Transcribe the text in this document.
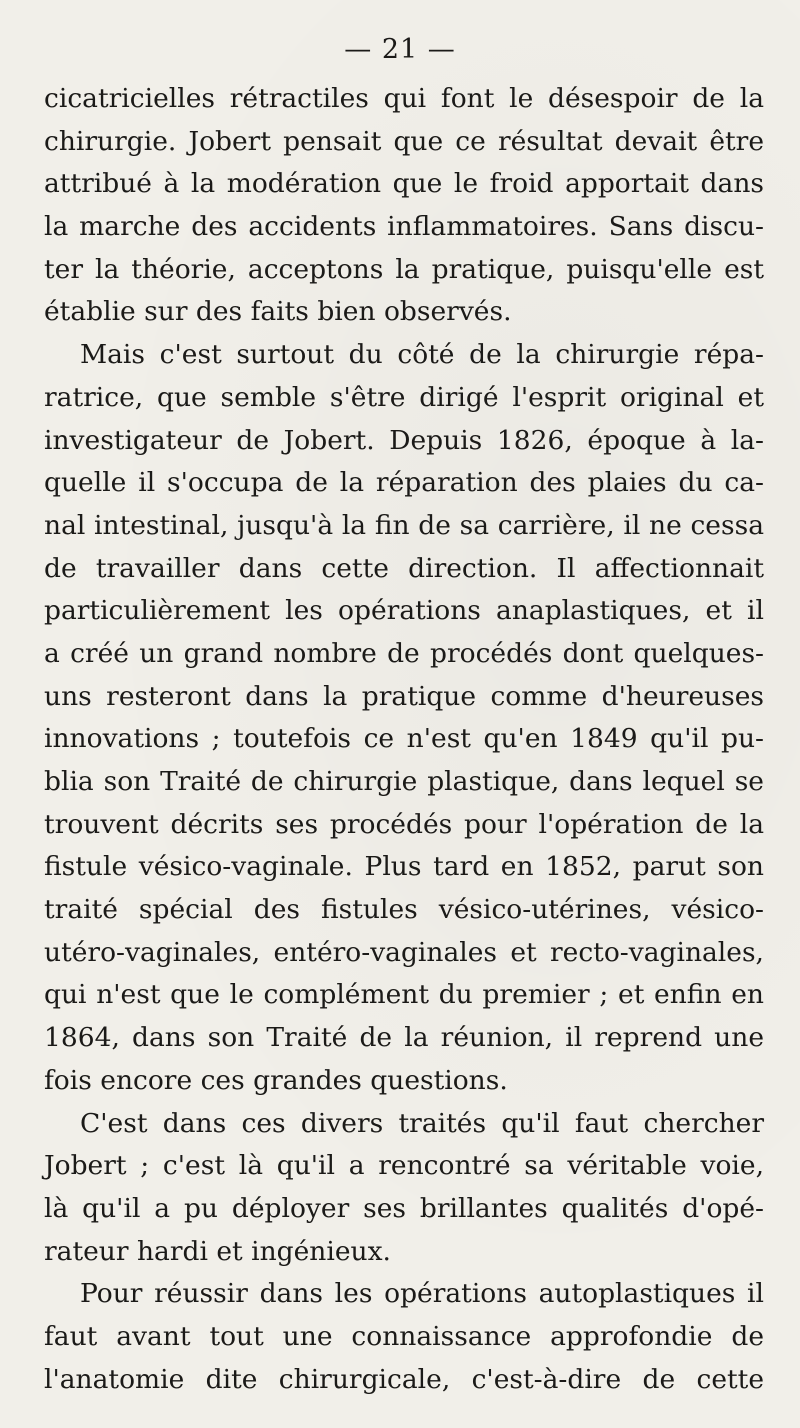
— 21 —
cicatricielles rétractiles qui font le désespoir de la
chirurgie. Jobert pensait que ce résultat devait être
attribué à la modération que le froid apportait dans
la marche des accidents inflammatoires. Sans discu-
ter la théorie, acceptons la pratique, puisqu'elle est
établie sur des faits bien observés.
Mais c'est surtout du côté de la chirurgie répa-
ratrice, que semble s'être dirigé l'esprit original et
investigateur de Jobert. Depuis 1826, époque à la-
quelle il s'occupa de la réparation des plaies du ca-
nal intestinal, jusqu'à la fin de sa carrière, il ne cessa
de travailler dans cette direction. Il affectionnait
particulièrement les opérations anaplastiques, et il
a créé un grand nombre de procédés dont quelques-
uns resteront dans la pratique comme d'heureuses
innovations ; toutefois ce n'est qu'en 1849 qu'il pu-
blia son Traité de chirurgie plastique, dans lequel se
trouvent décrits ses procédés pour l'opération de la
fistule vésico-vaginale. Plus tard en 1852, parut son
traité spécial des fistules vésico-utérines, vésico-
utéro-vaginales, entéro-vaginales et recto-vaginales,
qui n'est que le complément du premier ; et enfin en
1864, dans son Traité de la réunion, il reprend une
fois encore ces grandes questions.
C'est dans ces divers traités qu'il faut chercher
Jobert ; c'est là qu'il a rencontré sa véritable voie,
là qu'il a pu déployer ses brillantes qualités d'opé-
rateur hardi et ingénieux.
Pour réussir dans les opérations autoplastiques il
faut avant tout une connaissance approfondie de
l'anatomie dite chirurgicale, c'est-à-dire de cette
